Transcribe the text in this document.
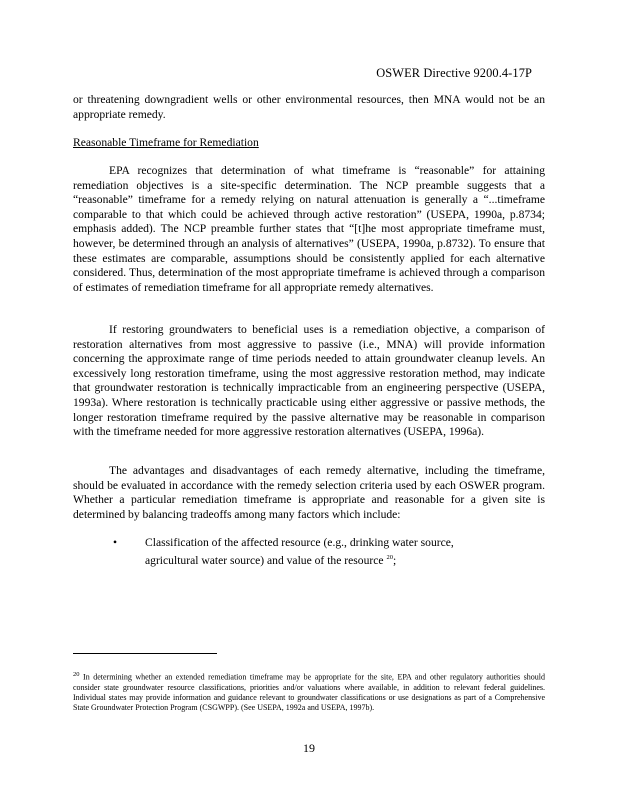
OSWER Directive 9200.4-17P
or threatening downgradient wells or other environmental resources, then MNA would not be an appropriate remedy.
Reasonable Timeframe for Remediation
EPA recognizes that determination of what timeframe is “reasonable” for attaining remediation objectives is a site-specific determination. The NCP preamble suggests that a “reasonable” timeframe for a remedy relying on natural attenuation is generally a “...timeframe comparable to that which could be achieved through active restoration” (USEPA, 1990a, p.8734; emphasis added). The NCP preamble further states that “[t]he most appropriate timeframe must, however, be determined through an analysis of alternatives” (USEPA, 1990a, p.8732). To ensure that these estimates are comparable, assumptions should be consistently applied for each alternative considered. Thus, determination of the most appropriate timeframe is achieved through a comparison of estimates of remediation timeframe for all appropriate remedy alternatives.
If restoring groundwaters to beneficial uses is a remediation objective, a comparison of restoration alternatives from most aggressive to passive (i.e., MNA) will provide information concerning the approximate range of time periods needed to attain groundwater cleanup levels. An excessively long restoration timeframe, using the most aggressive restoration method, may indicate that groundwater restoration is technically impracticable from an engineering perspective (USEPA, 1993a). Where restoration is technically practicable using either aggressive or passive methods, the longer restoration timeframe required by the passive alternative may be reasonable in comparison with the timeframe needed for more aggressive restoration alternatives (USEPA, 1996a).
The advantages and disadvantages of each remedy alternative, including the timeframe, should be evaluated in accordance with the remedy selection criteria used by each OSWER program. Whether a particular remediation timeframe is appropriate and reasonable for a given site is determined by balancing tradeoffs among many factors which include:
• Classification of the affected resource (e.g., drinking water source, agricultural water source) and value of the resource $^{20}$;
$^{20}$ In determining whether an extended remediation timeframe may be appropriate for the site, EPA and other regulatory authorities should consider state groundwater resource classifications, priorities and/or valuations where available, in addition to relevant federal guidelines. Individual states may provide information and guidance relevant to groundwater classifications or use designations as part of a Comprehensive State Groundwater Protection Program (CSGWPP). (See USEPA, 1992a and USEPA, 1997b).
19
